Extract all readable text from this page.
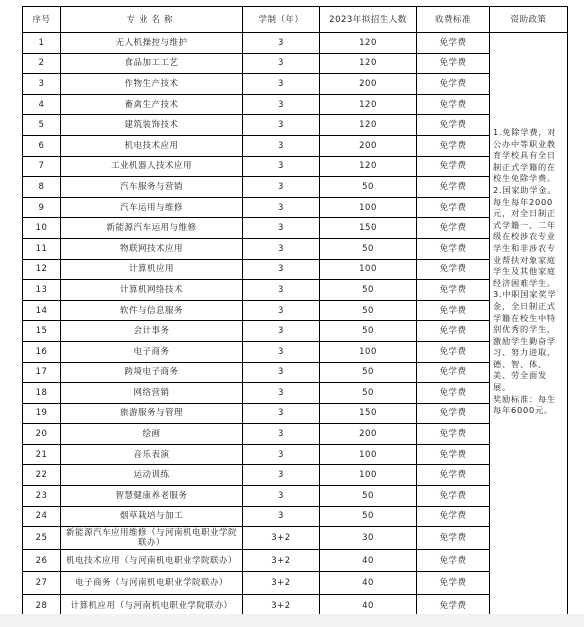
序号	专业名称	学制（年）	2023年拟招生人数	收费标准	资助政策
1	无人机操控与维护	3	120	免学费	1.免除学费，对公办中等职业教育学校具有全日制正式学籍的在校生免除学费。
2.国家助学金。每生每年2000元，对全日制正式学籍一、二年级在校涉农专业学生和非涉农专业帮扶对象家庭学生及其他家庭经济困难学生。
3.中职国家奖学金，全日制正式学籍在校生中特别优秀的学生，激励学生勤奋学习、努力进取，德、智、体、美、劳全面发展。
奖励标准：每生每年6000元。

2	食品加工工艺	3	120	免学费	
3	作物生产技术	3	200	免学费	
4	畜禽生产技术	3	120	免学费	
5	建筑装饰技术	3	120	免学费	
6	机电技术应用	3	200	免学费	
7	工业机器人技术应用	3	120	免学费	
8	汽车服务与营销	3	50	免学费	
9	汽车运用与维修	3	100	免学费	
10	新能源汽车运用与维修	3	150	免学费	
11	物联网技术应用	3	50	免学费	
12	计算机应用	3	100	免学费	
13	计算机网络技术	3	50	免学费	
14	软件与信息服务	3	50	免学费	
15	会计事务	3	50	免学费	
16	电子商务	3	100	免学费	
17	跨境电子商务	3	50	免学费	
18	网络营销	3	50	免学费	
19	旅游服务与管理	3	150	免学费	
20	绘画	3	200	免学费	
21	音乐表演	3	100	免学费	
22	运动训练	3	100	免学费	
23	智慧健康养老服务	3	50	免学费	
24	烟草栽培与加工	3	50	免学费	
25	新能源汽车应用维修（与河南机电职业学院联办）	3+2	30	免学费	
26	机电技术应用（与河南机电职业学院联办）	3+2	40	免学费	
27	电子商务（与河南机电职业学院联办）	3+2	40	免学费	
28	计算机应用（与河南机电职业学院联办）	3+2	40	免学费	
